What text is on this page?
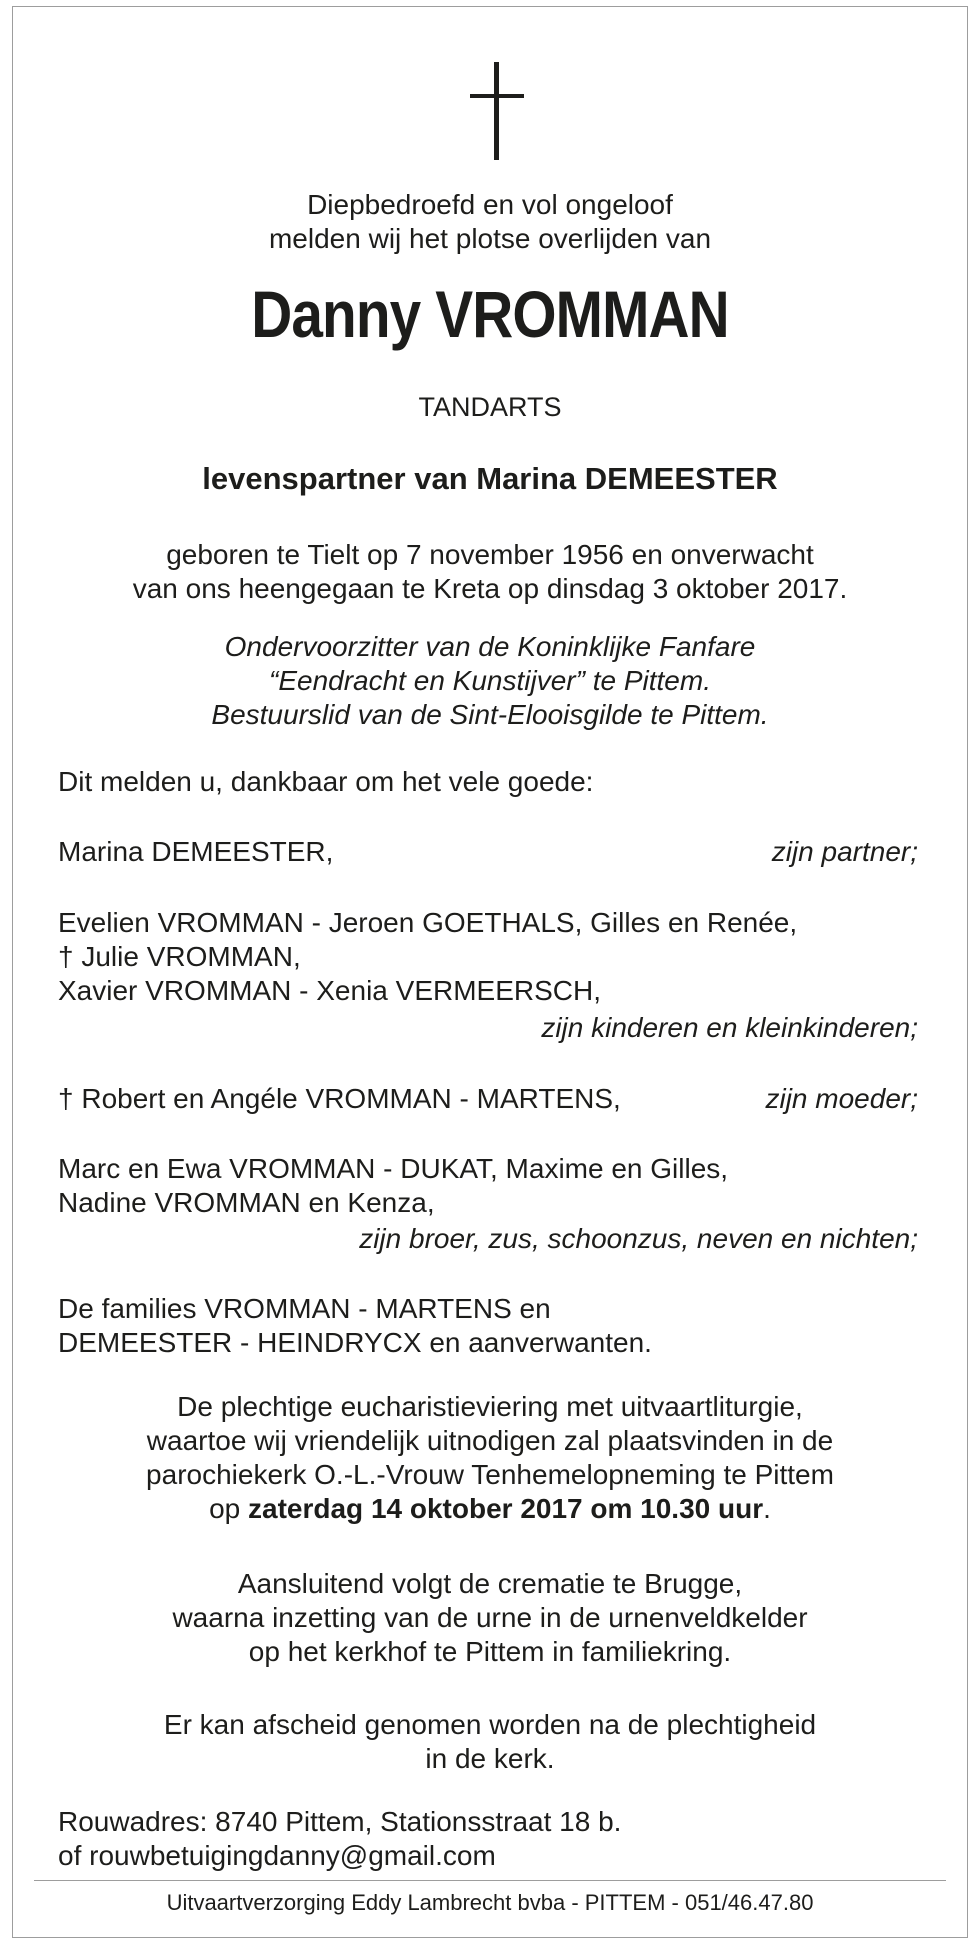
Diepbedroefd en vol ongeloof
melden wij het plotse overlijden van
Danny VROMMAN
TANDARTS
levenspartner van Marina DEMEESTER
geboren te Tielt op 7 november 1956 en onverwacht
van ons heengegaan te Kreta op dinsdag 3 oktober 2017.
Ondervoorzitter van de Koninklijke Fanfare
“Eendracht en Kunstijver” te Pittem.
Bestuurslid van de Sint-Elooisgilde te Pittem.
Dit melden u, dankbaar om het vele goede:
Marina DEMEESTER,	zijn partner;
Evelien VROMMAN - Jeroen GOETHALS, Gilles en Renée,
† Julie VROMMAN,
Xavier VROMMAN - Xenia VERMEERSCH,
zijn kinderen en kleinkinderen;
† Robert en Angéle VROMMAN - MARTENS,	zijn moeder;
Marc en Ewa VROMMAN - DUKAT, Maxime en Gilles,
Nadine VROMMAN en Kenza,
zijn broer, zus, schoonzus, neven en nichten;
De families VROMMAN - MARTENS en
DEMEESTER - HEINDRYCX en aanverwanten.
De plechtige eucharistieviering met uitvaartliturgie,
waartoe wij vriendelijk uitnodigen zal plaatsvinden in de
parochiekerk O.-L.-Vrouw Tenhemelopneming te Pittem
op zaterdag 14 oktober 2017 om 10.30 uur.
Aansluitend volgt de crematie te Brugge,
waarna inzetting van de urne in de urnenveldkelder
op het kerkhof te Pittem in familiekring.
Er kan afscheid genomen worden na de plechtigheid
in de kerk.
Rouwadres: 8740 Pittem, Stationsstraat 18 b.
of rouwbetuigingdanny@gmail.com
Uitvaartverzorging Eddy Lambrecht bvba - PITTEM - 051/46.47.80
